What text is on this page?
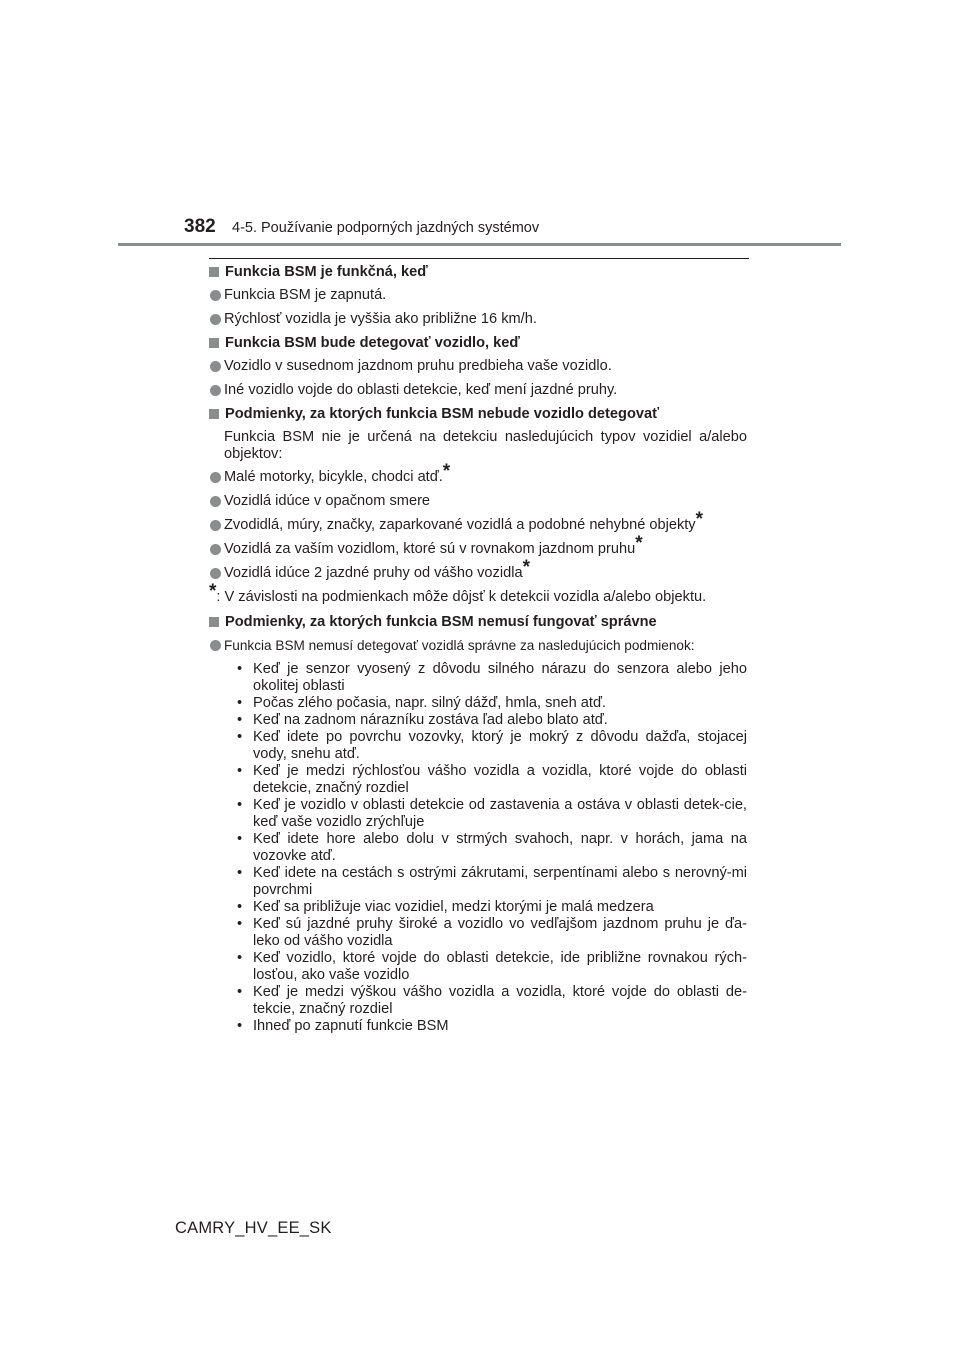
382 4-5. Používanie podporných jazdných systémov
Funkcia BSM je funkčná, keď
Funkcia BSM je zapnutá.
Rýchlosť vozidla je vyššia ako približne 16 km/h.
Funkcia BSM bude detegovať vozidlo, keď
Vozidlo v susednom jazdnom pruhu predbieha vaše vozidlo.
Iné vozidlo vojde do oblasti detekcie, keď mení jazdné pruhy.
Podmienky, za ktorých funkcia BSM nebude vozidlo detegovať
Funkcia BSM nie je určená na detekciu nasledujúcich typov vozidiel a/alebo objektov:
Malé motorky, bicykle, chodci atď.*
Vozidlá idúce v opačnom smere
Zvodidlá, múry, značky, zaparkované vozidlá a podobné nehybné objekty*
Vozidlá za vaším vozidlom, ktoré sú v rovnakom jazdnom pruhu*
Vozidlá idúce 2 jazdné pruhy od vášho vozidla*
*: V závislosti na podmienkach môže dôjsť k detekcii vozidla a/alebo objektu.
Podmienky, za ktorých funkcia BSM nemusí fungovať správne
Funkcia BSM nemusí detegovať vozidlá správne za nasledujúcich podmienok:
• Keď je senzor vyosený z dôvodu silného nárazu do senzora alebo jeho okolitej oblasti
• Počas zlého počasia, napr. silný dážď, hmla, sneh atď.
• Keď na zadnom nárazníku zostáva ľad alebo blato atď.
• Keď idete po povrchu vozovky, ktorý je mokrý z dôvodu dažďa, stojacej vody, snehu atď.
• Keď je medzi rýchlosťou vášho vozidla a vozidla, ktoré vojde do oblasti detekcie, značný rozdiel
• Keď je vozidlo v oblasti detekcie od zastavenia a ostáva v oblasti detek-cie, keď vaše vozidlo zrýchľuje
• Keď idete hore alebo dolu v strmých svahoch, napr. v horách, jama na vozovke atď.
• Keď idete na cestách s ostrými zákrutami, serpentínami alebo s nerovný-mi povrchmi
• Keď sa približuje viac vozidiel, medzi ktorými je malá medzera
• Keď sú jazdné pruhy široké a vozidlo vo vedľajšom jazdnom pruhu je ďa-leko od vášho vozidla
• Keď vozidlo, ktoré vojde do oblasti detekcie, ide približne rovnakou rých-losťou, ako vaše vozidlo
• Keď je medzi výškou vášho vozidla a vozidla, ktoré vojde do oblasti de-tekcie, značný rozdiel
• Ihneď po zapnutí funkcie BSM
CAMRY_HV_EE_SK
